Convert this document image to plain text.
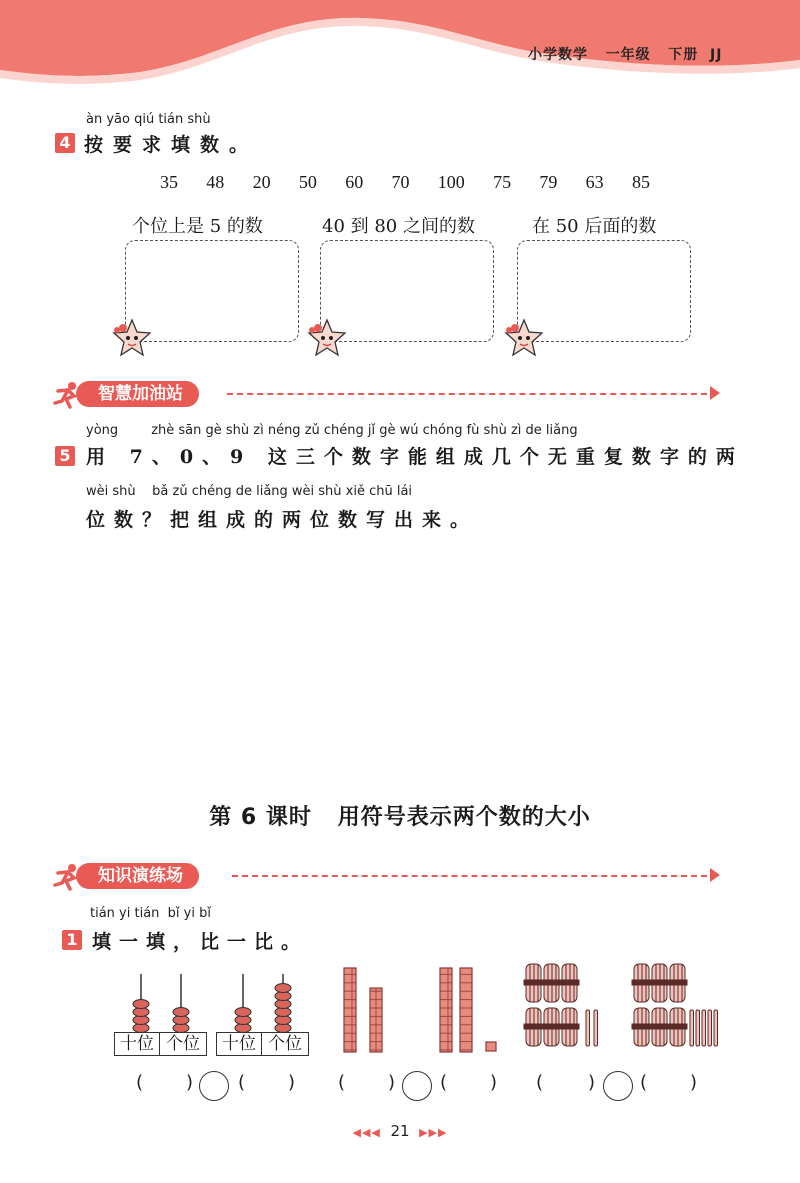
小学数学 一年级 下册 JJ
àn yāo qiú tián shù
4 按要求填数。
35 48 20 50 60 70 100 75 79 63 85
个位上是 5 的数	40 到 80 之间的数	在 50 后面的数
智慧加油站
yòng        zhè sān gè shù zì néng zǔ chéng jǐ gè wú chóng fù shù zì de liǎng
5 用 7、0、9 这三个数字能组成几个无重复数字的两
wèi shù    bǎ zǔ chéng de liǎng wèi shù xiě chū lái
位数？把组成的两位数写出来。
第 6 课时   用符号表示两个数的大小
知识演练场
tián yi tián  bǐ yi bǐ
1 填一填，比一比。
十位 个位	十位 个位
( ) ( ) ( ) ( ) ( ) ( )
◀◀◀ 21 ▶▶▶
